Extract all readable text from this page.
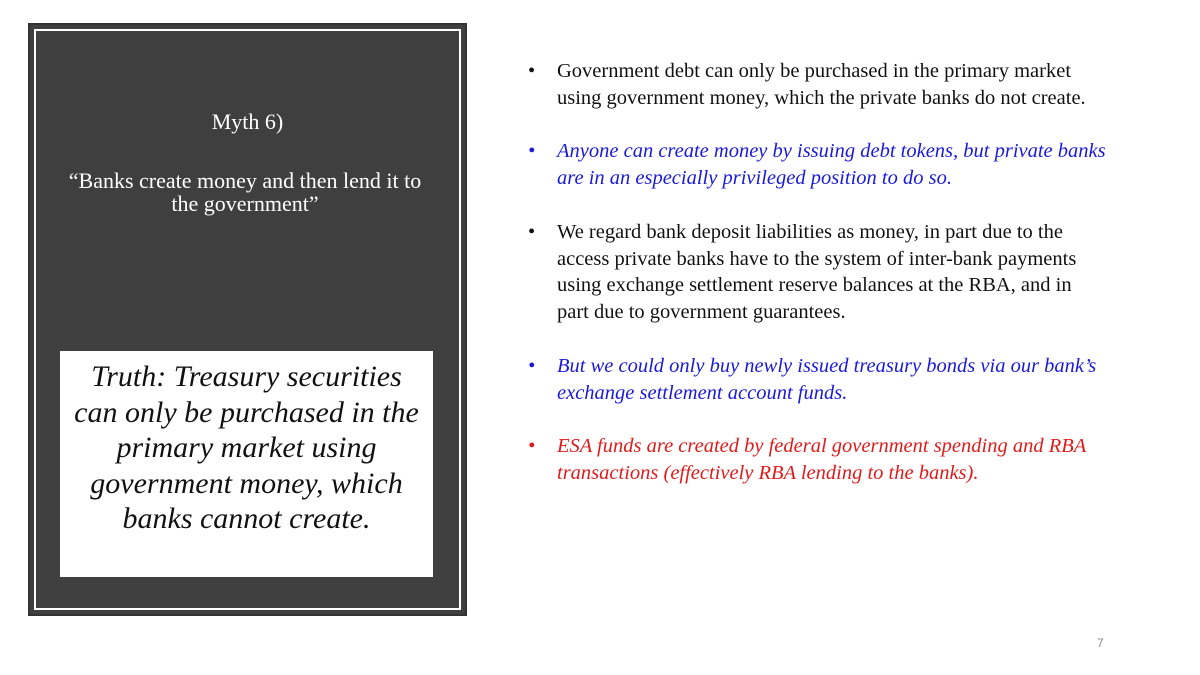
Myth 6)

“Banks create money and then lend it to the government”

Truth: Treasury securities can only be purchased in the primary market using government money, which banks cannot create.

•	Government debt can only be purchased in the primary market using government money, which the private banks do not create.
•	Anyone can create money by issuing debt tokens, but private banks are in an especially privileged position to do so.
•	We regard bank deposit liabilities as money, in part due to the access private banks have to the system of inter-bank payments using exchange settlement reserve balances at the RBA, and in part due to government guarantees.
•	But we could only buy newly issued treasury bonds via our bank’s exchange settlement account funds.
•	ESA funds are created by federal government spending and RBA transactions (effectively RBA lending to the banks).
7
